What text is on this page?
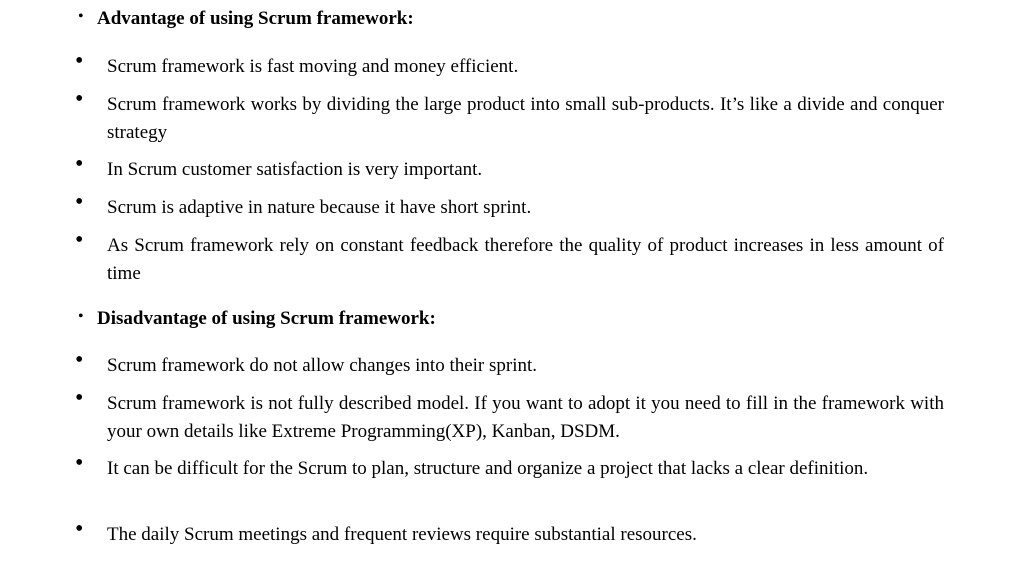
• Advantage of using Scrum framework:
• Scrum framework is fast moving and money efficient.
• Scrum framework works by dividing the large product into small sub-products. It’s like a divide and conquer strategy
• In Scrum customer satisfaction is very important.
• Scrum is adaptive in nature because it have short sprint.
• As Scrum framework rely on constant feedback therefore the quality of product increases in less amount of time
• Disadvantage of using Scrum framework:
• Scrum framework do not allow changes into their sprint.
• Scrum framework is not fully described model. If you want to adopt it you need to fill in the framework with your own details like Extreme Programming(XP), Kanban, DSDM.
• It can be difficult for the Scrum to plan, structure and organize a project that lacks a clear definition.
• The daily Scrum meetings and frequent reviews require substantial resources.
